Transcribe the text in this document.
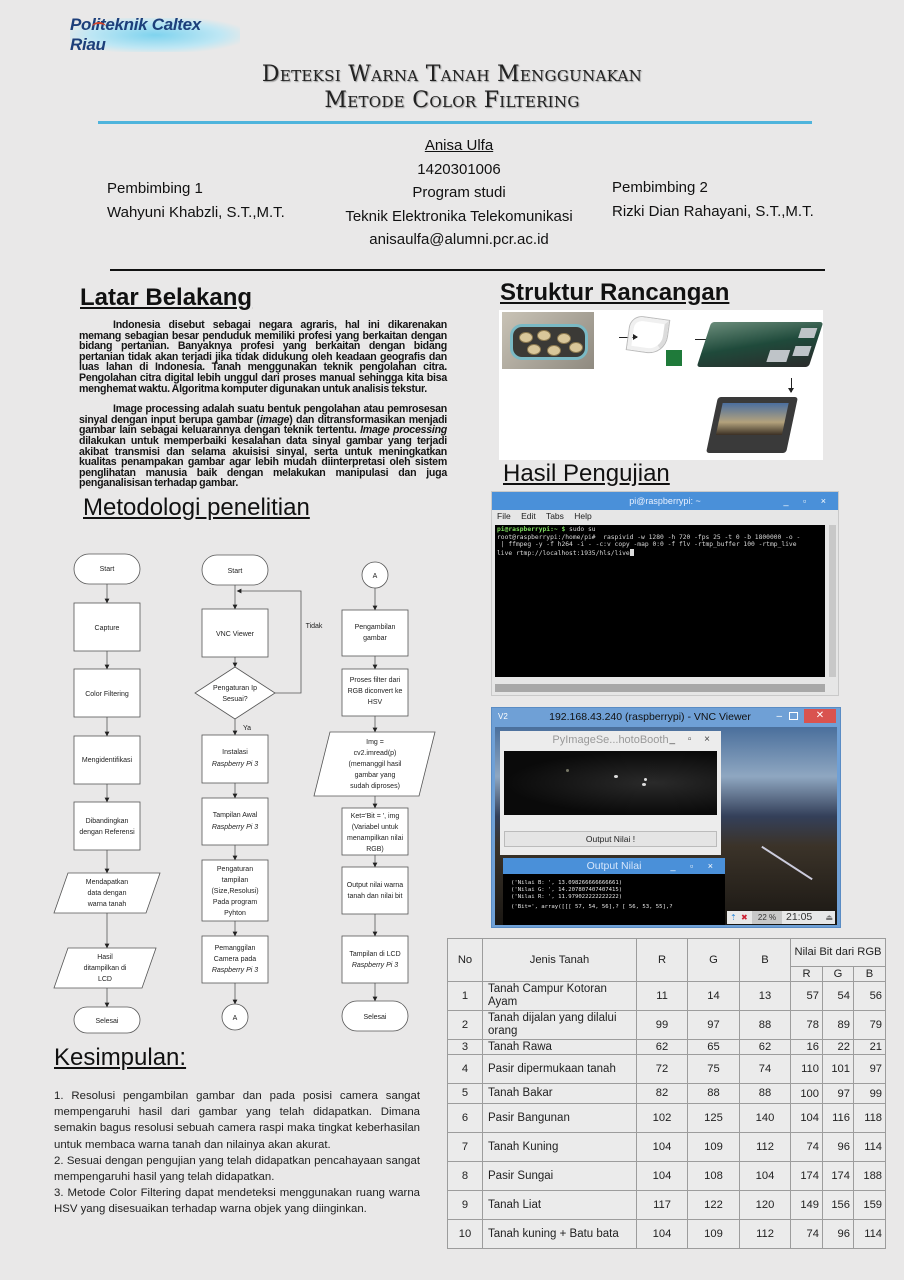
Politeknik Caltex Riau
Deteksi Warna Tanah Menggunakan
Metode Color Filtering
Anisa Ulfa
1420301006
Program studi
Teknik Elektronika Telekomunikasi
anisaulfa@alumni.pcr.ac.id
Pembimbing 1
Wahyuni Khabzli, S.T.,M.T.
Pembimbing 2
Rizki Dian Rahayani, S.T.,M.T.
Latar Belakang
Indonesia disebut sebagai negara agraris, hal ini dikarenakan memang sebagian besar penduduk memiliki profesi yang berkaitan dengan bidang pertanian. Banyaknya profesi yang berkaitan dengan bidang pertanian tidak akan terjadi jika tidak didukung oleh keadaan geografis dan luas lahan di Indonesia. Tanah menggunakan teknik pengolahan citra. Pengolahan citra digital lebih unggul dari proses manual sehingga kita bisa menghemat waktu. Algoritma komputer digunakan untuk analisis tekstur.
Image processing adalah suatu bentuk pengolahan atau pemrosesan sinyal dengan input berupa gambar (image) dan ditransformasikan menjadi gambar lain sebagai keluarannya dengan teknik tertentu. Image processing dilakukan untuk memperbaiki kesalahan data sinyal gambar yang terjadi akibat transmisi dan selama akuisisi sinyal, serta untuk meningkatkan kualitas penampakan gambar agar lebih mudah diinterpretasi oleh sistem penglihatan manusia baik dengan melakukan manipulasi dan juga penganalisisan terhadap gambar.
Metodologi penelitian
Start
Capture
Color Filtering
Mengidentifikasi
Dibandingkan
dengan Referensi
Mendapatkan
data dengan
warna tanah
Hasil
ditampilkan di
LCD
Selesai
Start
VNC Viewer
Pengaturan Ip
Sesuai?
Tidak
Ya
Instalasi
Raspberry Pi 3
Tampilan Awal
Raspberry Pi 3
Pengaturan
tampilan
(Size,Resolusi)
Pada program
Pyhton
Pemanggilan
Camera pada
Raspberry Pi 3
A
A
Pengambilan
gambar
Proses filter dari
RGB diconvert ke
HSV
Img =
cv2.imread(p)
(memanggil hasil
gambar yang
sudah diproses)
Ket='Bit = ', img
(Variabel untuk
menampilkan nilai
RGB)
Output nilai warna
tanah dan nilai bit
Tampilan di LCD
Raspberry Pi 3
Selesai
Struktur Rancangan
Hasil Pengujian
pi@raspberrypi: ~	_ ▫ ×
File Edit Tabs Help
pi@raspberrypi:~ $ sudo su
root@raspberrypi:/home/pi#  raspivid -w 1280 -h 720 -fps 25 -t 0 -b 1800000 -o -
| ffmpeg -y -f h264 -i - -c:v copy -map 0:0 -f flv -rtmp_buffer 100 -rtmp_live
live rtmp://localhost:1935/hls/live
V2	192.168.43.240 (raspberrypi) - VNC Viewer	–	✕
PyImageSe...hotoBooth _ ▫ ×
Output Nilai !
Output Nilai	_ ▫ ×
('Nilai B: ', 13.098266666666661)
('Nilai G: ', 14.207807407407415)
('Nilai R: ', 11.979022222222222)
('Bit=', array([[[ 57, 54, 56],? [ 56, 53, 55],?
⇡ ✖	22 % 21:05 ⏏
No	Jenis Tanah	R	G	B	Nilai Bit dari RGB		
					R	G	B
1	Tanah Campur Kotoran Ayam	11	14	13	57	54	56
2	Tanah dijalan yang dilalui orang	99	97	88	78	89	79
3	Tanah Rawa	62	65	62	16	22	21
4	Pasir dipermukaan tanah	72	75	74	110	101	97
5	Tanah Bakar	82	88	88	100	97	99
6	Pasir Bangunan	102	125	140	104	116	118
7	Tanah Kuning	104	109	112	74	96	114
8	Pasir Sungai	104	108	104	174	174	188
9	Tanah Liat	117	122	120	149	156	159
10	Tanah kuning + Batu bata	104	109	112	74	96	114
Kesimpulan:

1. Resolusi pengambilan gambar dan pada posisi camera sangat mempengaruhi hasil dari gambar yang telah didapatkan. Dimana semakin bagus resolusi sebuah camera raspi maka tingkat keberhasilan untuk membaca warna tanah dan nilainya akan akurat.

2. Sesuai dengan pengujian yang telah didapatkan pencahayaan sangat mempengaruhi hasil yang telah didapatkan.

3. Metode Color Filtering dapat mendeteksi menggunakan ruang warna HSV yang disesuaikan terhadap warna objek yang diinginkan.
